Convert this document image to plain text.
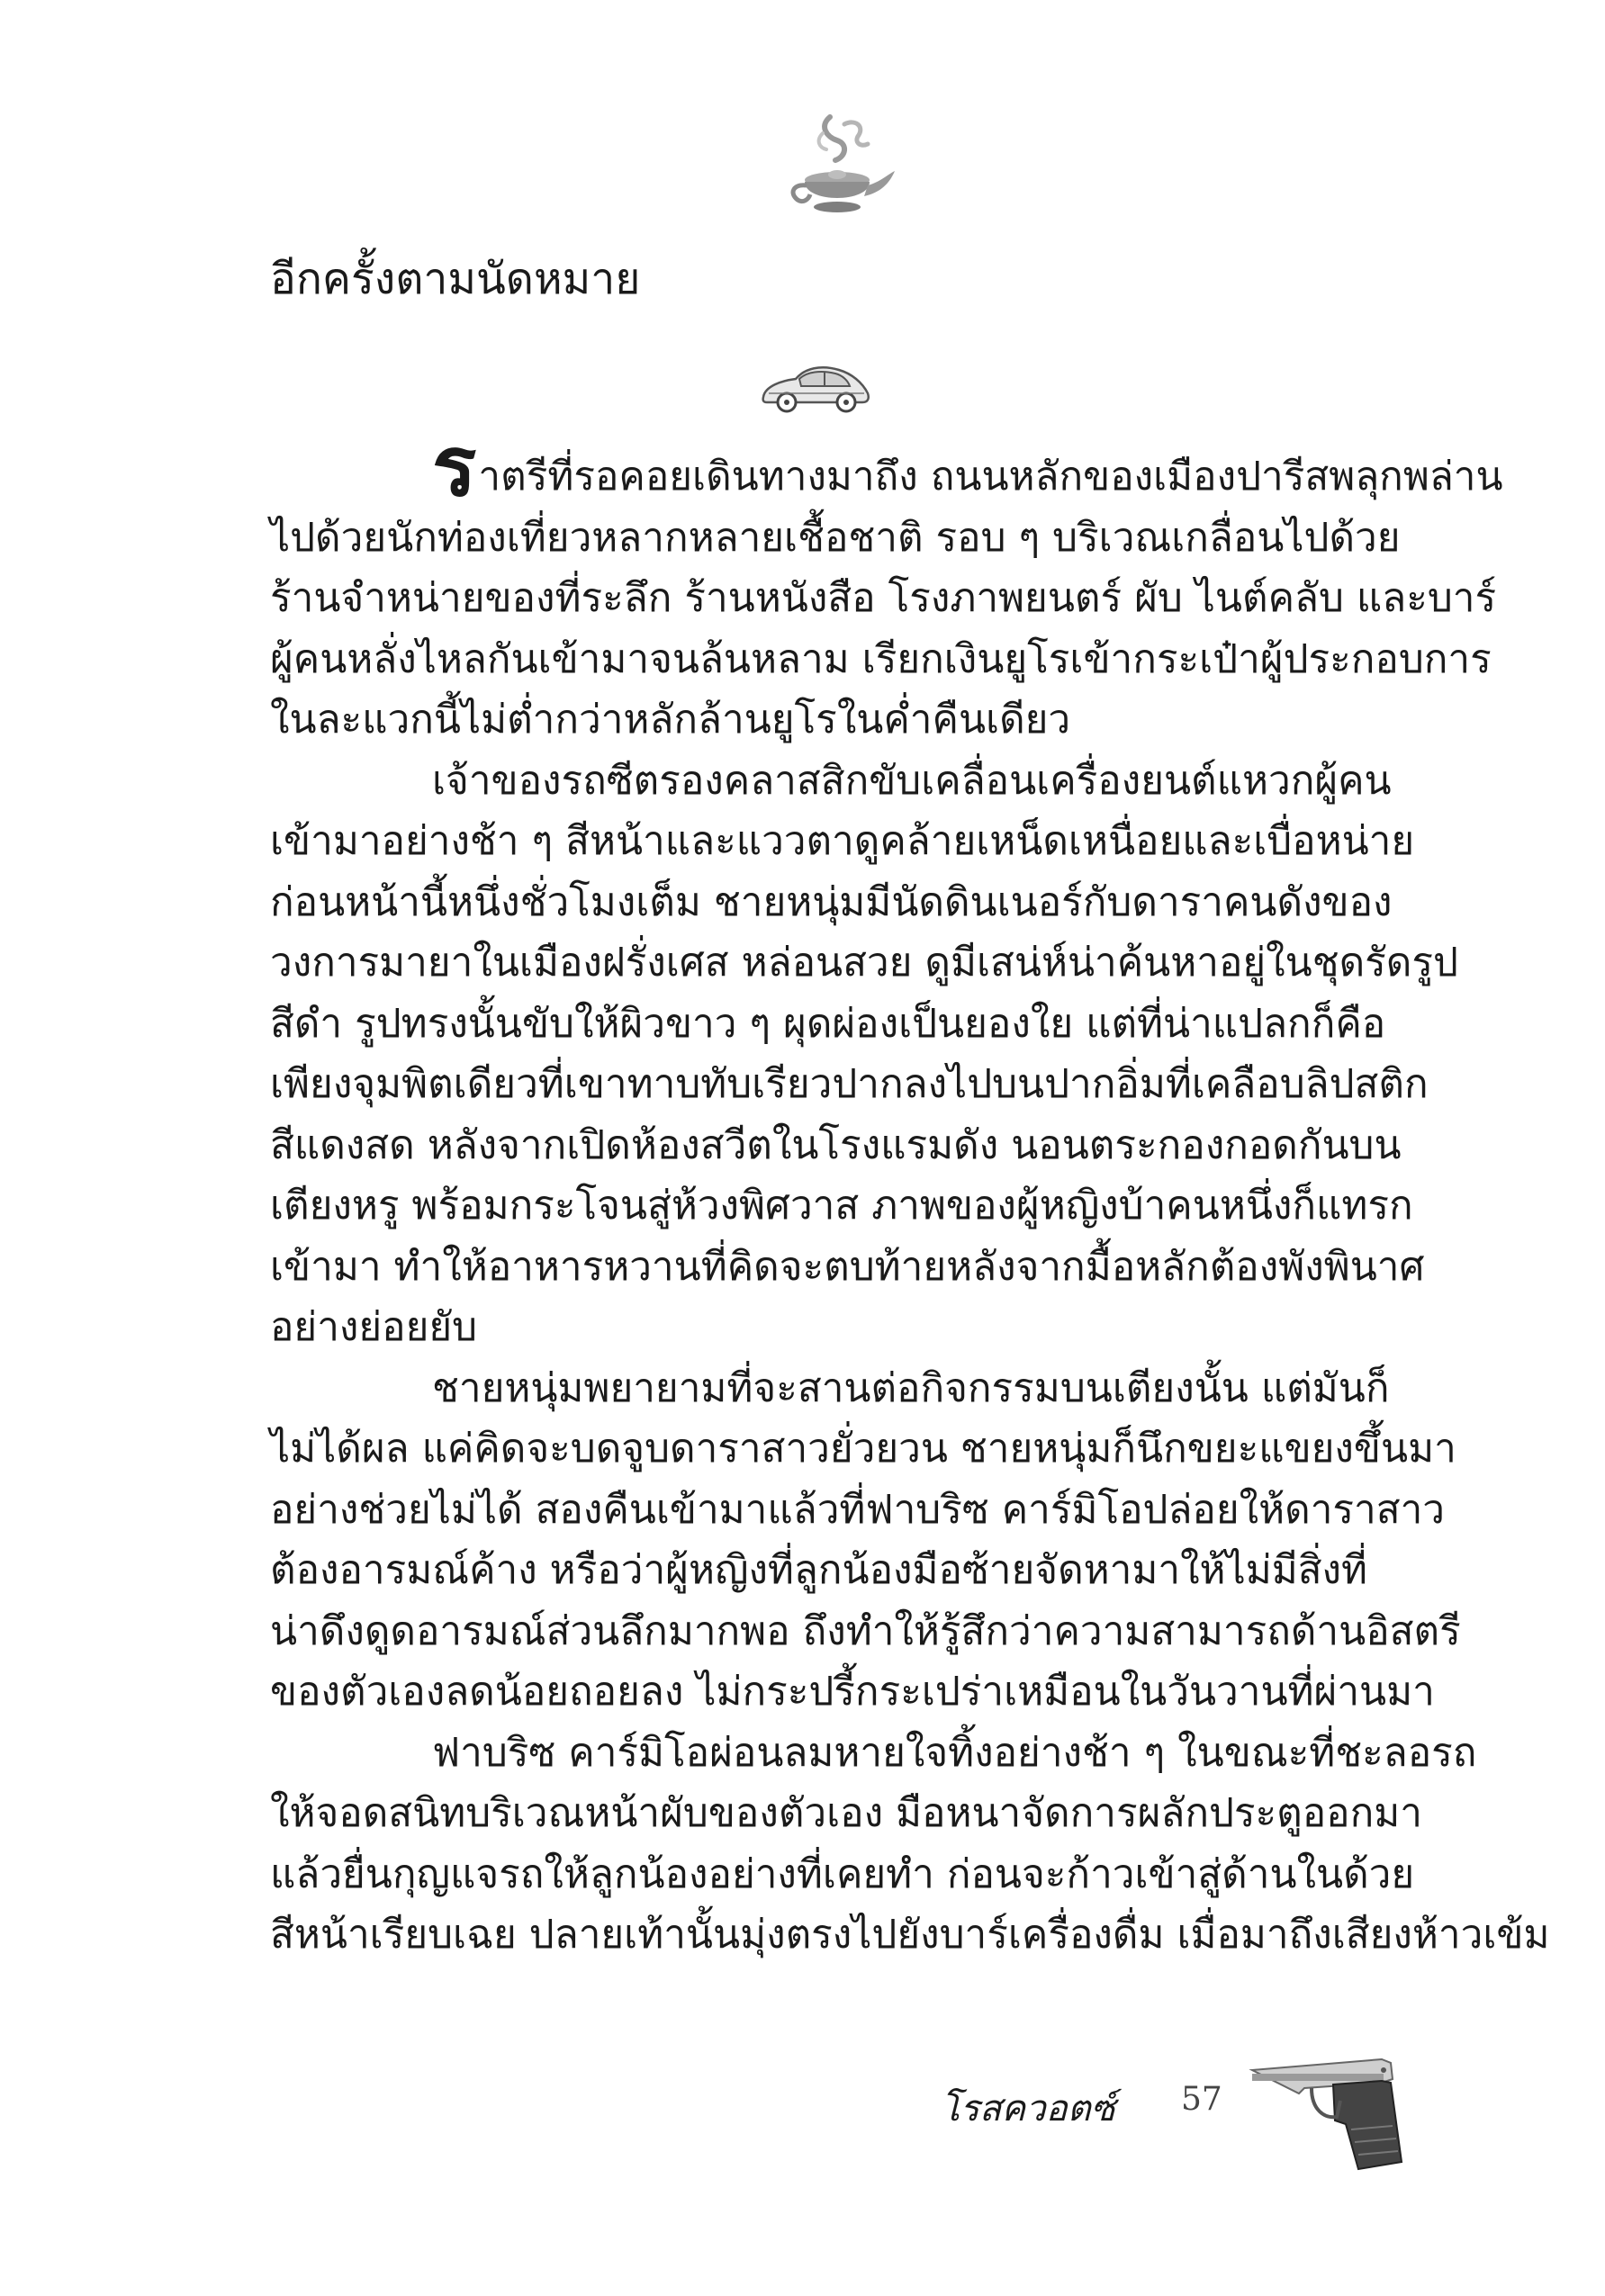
อีกครั้งตามนัดหมาย
ราตรีที่รอคอยเดินทางมาถึง ถนนหลักของเมืองปารีสพลุกพล่าน
ไปด้วยนักท่องเที่ยวหลากหลายเชื้อชาติ รอบ ๆ บริเวณเกลื่อนไปด้วย
ร้านจำหน่ายของที่ระลึก ร้านหนังสือ โรงภาพยนตร์ ผับ ไนต์คลับ และบาร์
ผู้คนหลั่งไหลกันเข้ามาจนล้นหลาม เรียกเงินยูโรเข้ากระเป๋าผู้ประกอบการ
ในละแวกนี้ไม่ต่ำกว่าหลักล้านยูโรในค่ำคืนเดียว
เจ้าของรถซีตรองคลาสสิกขับเคลื่อนเครื่องยนต์แหวกผู้คน
เข้ามาอย่างช้า ๆ สีหน้าและแววตาดูคล้ายเหน็ดเหนื่อยและเบื่อหน่าย
ก่อนหน้านี้หนึ่งชั่วโมงเต็ม ชายหนุ่มมีนัดดินเนอร์กับดาราคนดังของ
วงการมายาในเมืองฝรั่งเศส หล่อนสวย ดูมีเสน่ห์น่าค้นหาอยู่ในชุดรัดรูป
สีดำ รูปทรงนั้นขับให้ผิวขาว ๆ ผุดผ่องเป็นยองใย แต่ที่น่าแปลกก็คือ
เพียงจุมพิตเดียวที่เขาทาบทับเรียวปากลงไปบนปากอิ่มที่เคลือบลิปสติก
สีแดงสด หลังจากเปิดห้องสวีตในโรงแรมดัง นอนตระกองกอดกันบน
เตียงหรู พร้อมกระโจนสู่ห้วงพิศวาส ภาพของผู้หญิงบ้าคนหนึ่งก็แทรก
เข้ามา ทำให้อาหารหวานที่คิดจะตบท้ายหลังจากมื้อหลักต้องพังพินาศ
อย่างย่อยยับ
ชายหนุ่มพยายามที่จะสานต่อกิจกรรมบนเตียงนั้น แต่มันก็
ไม่ได้ผล แค่คิดจะบดจูบดาราสาวยั่วยวน ชายหนุ่มก็นึกขยะแขยงขึ้นมา
อย่างช่วยไม่ได้ สองคืนเข้ามาแล้วที่ฟาบริซ คาร์มิโอปล่อยให้ดาราสาว
ต้องอารมณ์ค้าง หรือว่าผู้หญิงที่ลูกน้องมือซ้ายจัดหามาให้ไม่มีสิ่งที่
น่าดึงดูดอารมณ์ส่วนลึกมากพอ ถึงทำให้รู้สึกว่าความสามารถด้านอิสตรี
ของตัวเองลดน้อยถอยลง ไม่กระปรี้กระเปร่าเหมือนในวันวานที่ผ่านมา
ฟาบริซ คาร์มิโอผ่อนลมหายใจทิ้งอย่างช้า ๆ ในขณะที่ชะลอรถ
ให้จอดสนิทบริเวณหน้าผับของตัวเอง มือหนาจัดการผลักประตูออกมา
แล้วยื่นกุญแจรถให้ลูกน้องอย่างที่เคยทำ ก่อนจะก้าวเข้าสู่ด้านในด้วย
สีหน้าเรียบเฉย ปลายเท้านั้นมุ่งตรงไปยังบาร์เครื่องดื่ม เมื่อมาถึงเสียงห้าวเข้ม
โรสควอตซ์ 57
